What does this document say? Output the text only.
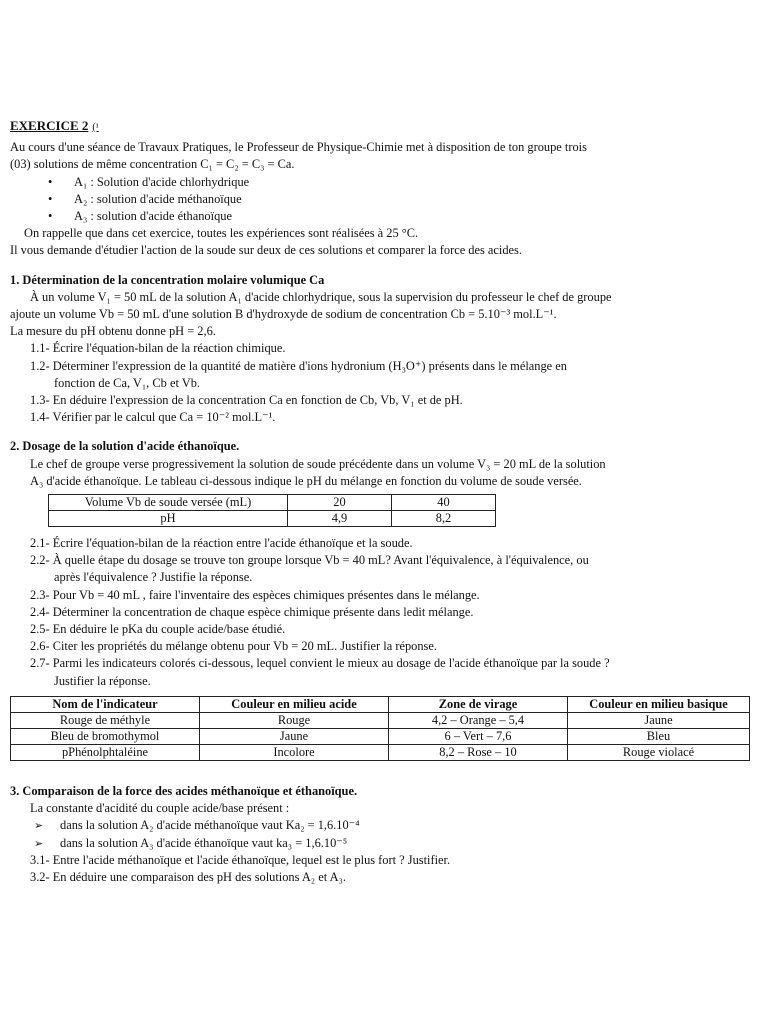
EXERCICE 2 (¹

Au cours d'une séance de Travaux Pratiques, le Professeur de Physique-Chimie met à disposition de ton groupe trois

(03) solutions de même concentration C₁ = C₂ = C₃ = Ca.

• A₁ : Solution d'acide chlorhydrique

• A₂ : solution d'acide méthanoïque

• A₃ : solution d'acide éthanoïque

On rappelle que dans cet exercice, toutes les expériences sont réalisées à 25 °C.

Il vous demande d'étudier l'action de la soude sur deux de ces solutions et comparer la force des acides.

1. Détermination de la concentration molaire volumique Ca

À un volume V₁ = 50 mL de la solution A₁ d'acide chlorhydrique, sous la supervision du professeur le chef de groupe

ajoute un volume Vb = 50 mL d'une solution B d'hydroxyde de sodium de concentration Cb = 5.10⁻³ mol.L⁻¹.

La mesure du pH obtenu donne pH = 2,6.

1.1- Écrire l'équation-bilan de la réaction chimique.

1.2- Déterminer l'expression de la quantité de matière d'ions hydronium (H₃O⁺) présents dans le mélange en

fonction de Ca, V₁, Cb et Vb.

1.3- En déduire l'expression de la concentration Ca en fonction de Cb, Vb, V₁ et de pH.

1.4- Vérifier par le calcul que Ca = 10⁻² mol.L⁻¹.

2. Dosage de la solution d'acide éthanoïque.

Le chef de groupe verse progressivement la solution de soude précédente dans un volume V₃ = 20 mL de la solution

A₃ d'acide éthanoïque. Le tableau ci-dessous indique le pH du mélange en fonction du volume de soude versée.

Volume Vb de soude versée (mL)	20	40
pH	4,9	8,2

2.1- Écrire l'équation-bilan de la réaction entre l'acide éthanoïque et la soude.

2.2- À quelle étape du dosage se trouve ton groupe lorsque Vb = 40 mL? Avant l'équivalence, à l'équivalence, ou

après l'équivalence ? Justifie la réponse.

2.3- Pour Vb = 40 mL , faire l'inventaire des espèces chimiques présentes dans le mélange.

2.4- Déterminer la concentration de chaque espèce chimique présente dans ledit mélange.

2.5- En déduire le pKa du couple acide/base étudié.

2.6- Citer les propriétés du mélange obtenu pour Vb = 20 mL. Justifier la réponse.

2.7- Parmi les indicateurs colorés ci-dessous, lequel convient le mieux au dosage de l'acide éthanoïque par la soude ?

Justifier la réponse.

Nom de l'indicateur	Couleur en milieu acide	Zone de virage	Couleur en milieu basique
Rouge de méthyle	Rouge	4,2 – Orange – 5,4	Jaune
Bleu de bromothymol	Jaune	6 – Vert – 7,6	Bleu
pPhénolphtaléine	Incolore	8,2 – Rose – 10	Rouge violacé

3. Comparaison de la force des acides méthanoïque et éthanoïque.

La constante d'acidité du couple acide/base présent :

➢ dans la solution A₂ d'acide méthanoïque vaut Ka₂ = 1,6.10⁻⁴

➢ dans la solution A₃ d'acide éthanoïque vaut ka₃ = 1,6.10⁻⁵

3.1- Entre l'acide méthanoïque et l'acide éthanoïque, lequel est le plus fort ? Justifier.

3.2- En déduire une comparaison des pH des solutions A₂ et A₃.
